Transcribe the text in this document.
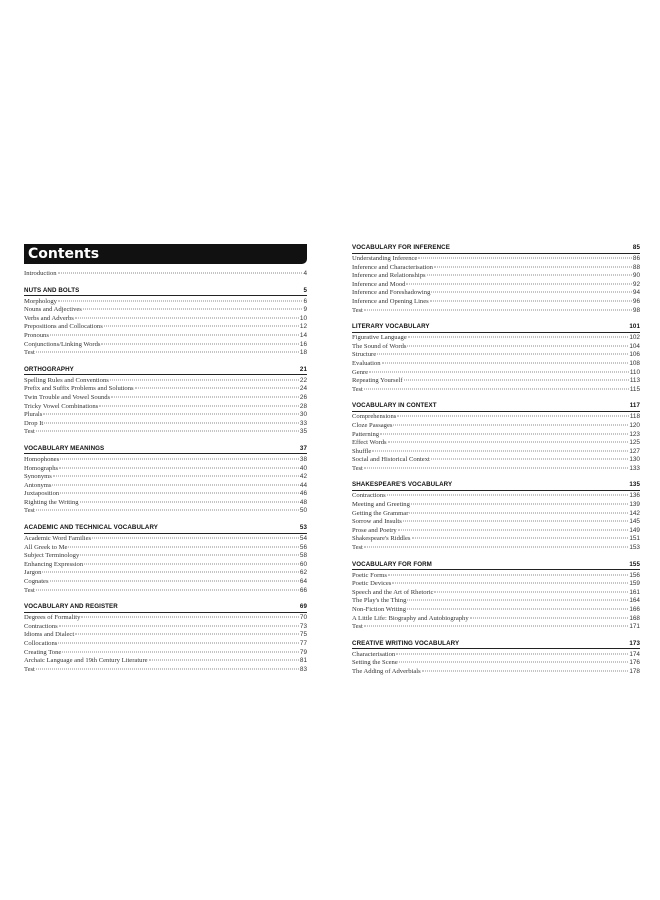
Contents
Introduction	4
NUTS AND BOLTS	5
Morphology	6
Nouns and Adjectives	9
Verbs and Adverbs	10
Prepositions and Collocations	12
Pronouns	14
Conjunctions/Linking Words	16
Test	18
ORTHOGRAPHY	21
Spelling Rules and Conventions	22
Prefix and Suffix Problems and Solutions	24
Twin Trouble and Vowel Sounds	26
Tricky Vowel Combinations	28
Plurals	30
Drop It	33
Test	35
VOCABULARY MEANINGS	37
Homophones	38
Homographs	40
Synonyms	42
Antonyms	44
Juxtaposition	46
Righting the Writing	48
Test	50
ACADEMIC AND TECHNICAL VOCABULARY	53
Academic Word Families	54
All Greek to Me	56
Subject Terminology	58
Enhancing Expression	60
Jargon	62
Cognates	64
Test	66
VOCABULARY AND REGISTER	69
Degrees of Formality	70
Contractions	73
Idioms and Dialect	75
Collocations	77
Creating Tone	79
Archaic Language and 19th Century Literature	81
Test	83
VOCABULARY FOR INFERENCE	85
Understanding Inference	86
Inference and Characterisation	88
Inference and Relationships	90
Inference and Mood	92
Inference and Foreshadowing	94
Inference and Opening Lines	96
Test	98
LITERARY VOCABULARY	101
Figurative Language	102
The Sound of Words	104
Structure	106
Evaluation	108
Genre	110
Repeating Yourself	113
Test	115
VOCABULARY IN CONTEXT	117
Comprehensions	118
Cloze Passages	120
Patterning	123
Effect Words	125
Shuffle	127
Social and Historical Context	130
Test	133
SHAKESPEARE'S VOCABULARY	135
Contractions	136
Meeting and Greeting	139
Getting the Grammar	142
Sorrow and Insults	145
Prose and Poetry	149
Shakespeare's Riddles	151
Test	153
VOCABULARY FOR FORM	155
Poetic Forms	156
Poetic Devices	159
Speech and the Art of Rhetoric	161
The Play's the Thing	164
Non-Fiction Writing	166
A Little Life: Biography and Autobiography	168
Test	171
CREATIVE WRITING VOCABULARY	173
Characterisation	174
Setting the Scene	176
The Adding of Adverbials	178
